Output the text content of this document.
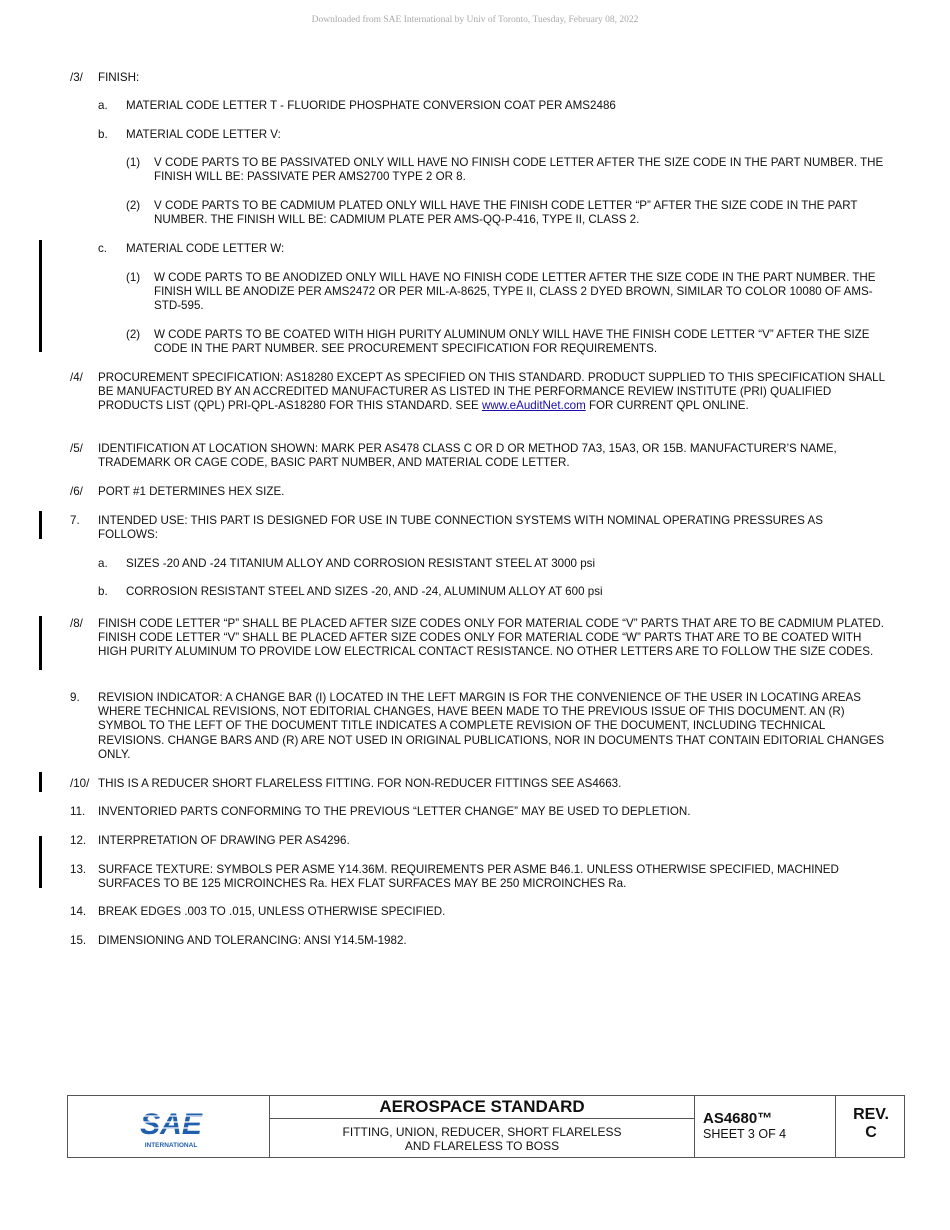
Downloaded from SAE International by Univ of Toronto, Tuesday, February 08, 2022
/3/ FINISH:
a. MATERIAL CODE LETTER T - FLUORIDE PHOSPHATE CONVERSION COAT PER AMS2486
b. MATERIAL CODE LETTER V:
(1) V CODE PARTS TO BE PASSIVATED ONLY WILL HAVE NO FINISH CODE LETTER AFTER THE SIZE CODE IN THE PART NUMBER. THE FINISH WILL BE: PASSIVATE PER AMS2700 TYPE 2 OR 8.
(2) V CODE PARTS TO BE CADMIUM PLATED ONLY WILL HAVE THE FINISH CODE LETTER “P” AFTER THE SIZE CODE IN THE PART NUMBER. THE FINISH WILL BE: CADMIUM PLATE PER AMS-QQ-P-416, TYPE II, CLASS 2.
c. MATERIAL CODE LETTER W:
(1) W CODE PARTS TO BE ANODIZED ONLY WILL HAVE NO FINISH CODE LETTER AFTER THE SIZE CODE IN THE PART NUMBER. THE FINISH WILL BE ANODIZE PER AMS2472 OR PER MIL-A-8625, TYPE II, CLASS 2 DYED BROWN, SIMILAR TO COLOR 10080 OF AMS-STD-595.
(2) W CODE PARTS TO BE COATED WITH HIGH PURITY ALUMINUM ONLY WILL HAVE THE FINISH CODE LETTER “V” AFTER THE SIZE CODE IN THE PART NUMBER. SEE PROCUREMENT SPECIFICATION FOR REQUIREMENTS.
/4/ PROCUREMENT SPECIFICATION: AS18280 EXCEPT AS SPECIFIED ON THIS STANDARD. PRODUCT SUPPLIED TO THIS SPECIFICATION SHALL BE MANUFACTURED BY AN ACCREDITED MANUFACTURER AS LISTED IN THE PERFORMANCE REVIEW INSTITUTE (PRI) QUALIFIED PRODUCTS LIST (QPL) PRI-QPL-AS18280 FOR THIS STANDARD. SEE www.eAuditNet.com FOR CURRENT QPL ONLINE.
/5/ IDENTIFICATION AT LOCATION SHOWN: MARK PER AS478 CLASS C OR D OR METHOD 7A3, 15A3, OR 15B. MANUFACTURER’S NAME, TRADEMARK OR CAGE CODE, BASIC PART NUMBER, AND MATERIAL CODE LETTER.
/6/ PORT #1 DETERMINES HEX SIZE.
7. INTENDED USE: THIS PART IS DESIGNED FOR USE IN TUBE CONNECTION SYSTEMS WITH NOMINAL OPERATING PRESSURES AS FOLLOWS:
a. SIZES -20 AND -24 TITANIUM ALLOY AND CORROSION RESISTANT STEEL AT 3000 psi
b. CORROSION RESISTANT STEEL AND SIZES -20, AND -24, ALUMINUM ALLOY AT 600 psi
/8/ FINISH CODE LETTER “P” SHALL BE PLACED AFTER SIZE CODES ONLY FOR MATERIAL CODE “V” PARTS THAT ARE TO BE CADMIUM PLATED. FINISH CODE LETTER “V” SHALL BE PLACED AFTER SIZE CODES ONLY FOR MATERIAL CODE “W” PARTS THAT ARE TO BE COATED WITH HIGH PURITY ALUMINUM TO PROVIDE LOW ELECTRICAL CONTACT RESISTANCE. NO OTHER LETTERS ARE TO FOLLOW THE SIZE CODES.
9. REVISION INDICATOR: A CHANGE BAR (I) LOCATED IN THE LEFT MARGIN IS FOR THE CONVENIENCE OF THE USER IN LOCATING AREAS WHERE TECHNICAL REVISIONS, NOT EDITORIAL CHANGES, HAVE BEEN MADE TO THE PREVIOUS ISSUE OF THIS DOCUMENT. AN (R) SYMBOL TO THE LEFT OF THE DOCUMENT TITLE INDICATES A COMPLETE REVISION OF THE DOCUMENT, INCLUDING TECHNICAL REVISIONS. CHANGE BARS AND (R) ARE NOT USED IN ORIGINAL PUBLICATIONS, NOR IN DOCUMENTS THAT CONTAIN EDITORIAL CHANGES ONLY.
/10/ THIS IS A REDUCER SHORT FLARELESS FITTING. FOR NON-REDUCER FITTINGS SEE AS4663.
11. INVENTORIED PARTS CONFORMING TO THE PREVIOUS “LETTER CHANGE” MAY BE USED TO DEPLETION.
12. INTERPRETATION OF DRAWING PER AS4296.
13. SURFACE TEXTURE: SYMBOLS PER ASME Y14.36M. REQUIREMENTS PER ASME B46.1. UNLESS OTHERWISE SPECIFIED, MACHINED SURFACES TO BE 125 MICROINCHES Ra. HEX FLAT SURFACES MAY BE 250 MICROINCHES Ra.
14. BREAK EDGES .003 TO .015, UNLESS OTHERWISE SPECIFIED.
15. DIMENSIONING AND TOLERANCING: ANSI Y14.5M-1982.
SAE
INTERNATIONAL
AEROSPACE STANDARD
FITTING, UNION, REDUCER, SHORT FLARELESS
AND FLARELESS TO BOSS
AS4680™
SHEET 3 OF 4
REV.
C
